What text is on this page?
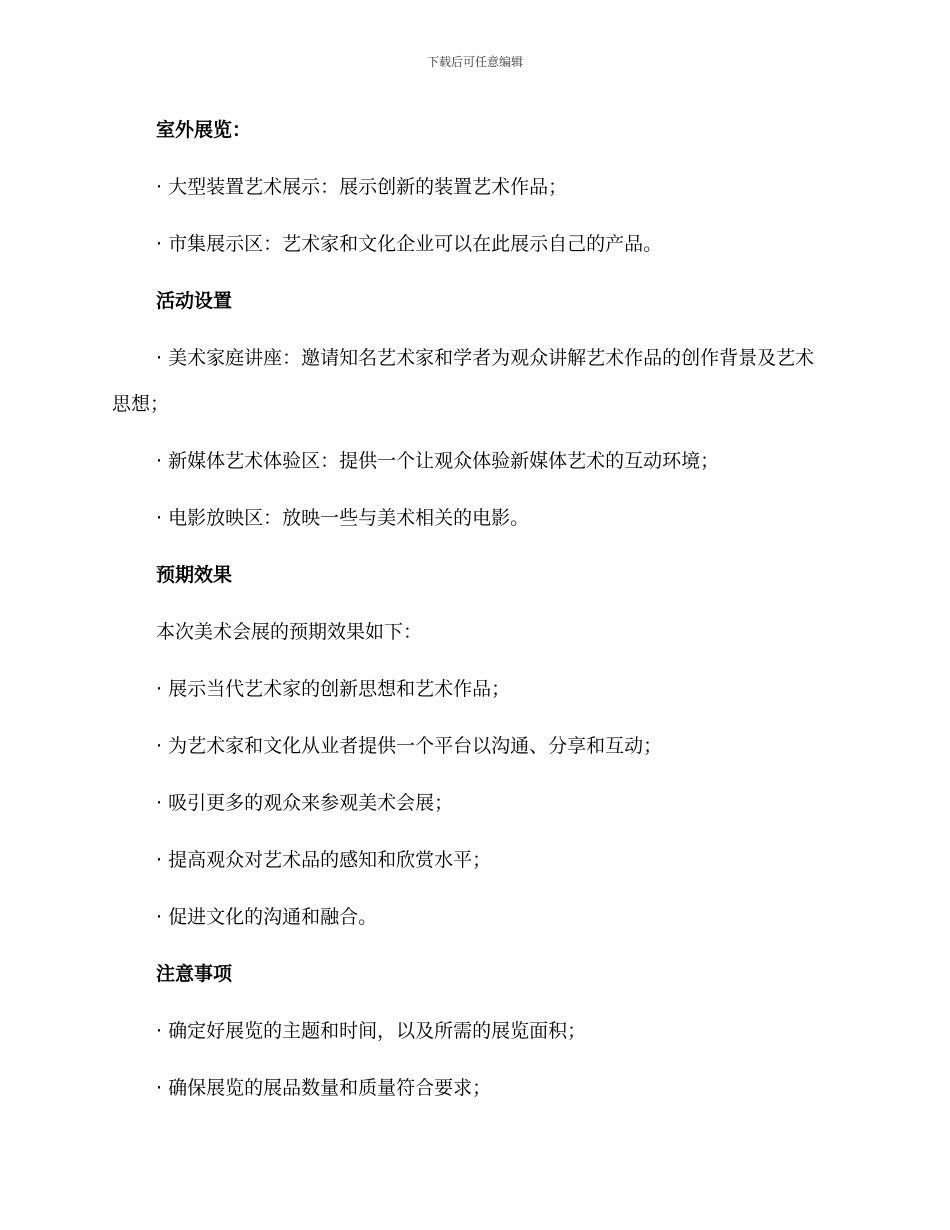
下载后可任意编辑

室外展览：

· 大型装置艺术展示：展示创新的装置艺术作品；

· 市集展示区：艺术家和文化企业可以在此展示自己的产品。

活动设置

· 美术家庭讲座：邀请知名艺术家和学者为观众讲解艺术作品的创作背景及艺术思想；

· 新媒体艺术体验区：提供一个让观众体验新媒体艺术的互动环境；

· 电影放映区：放映一些与美术相关的电影。

预期效果

本次美术会展的预期效果如下：

· 展示当代艺术家的创新思想和艺术作品；

· 为艺术家和文化从业者提供一个平台以沟通、分享和互动；

· 吸引更多的观众来参观美术会展；

· 提高观众对艺术品的感知和欣赏水平；

· 促进文化的沟通和融合。

注意事项

· 确定好展览的主题和时间，以及所需的展览面积；

· 确保展览的展品数量和质量符合要求；
